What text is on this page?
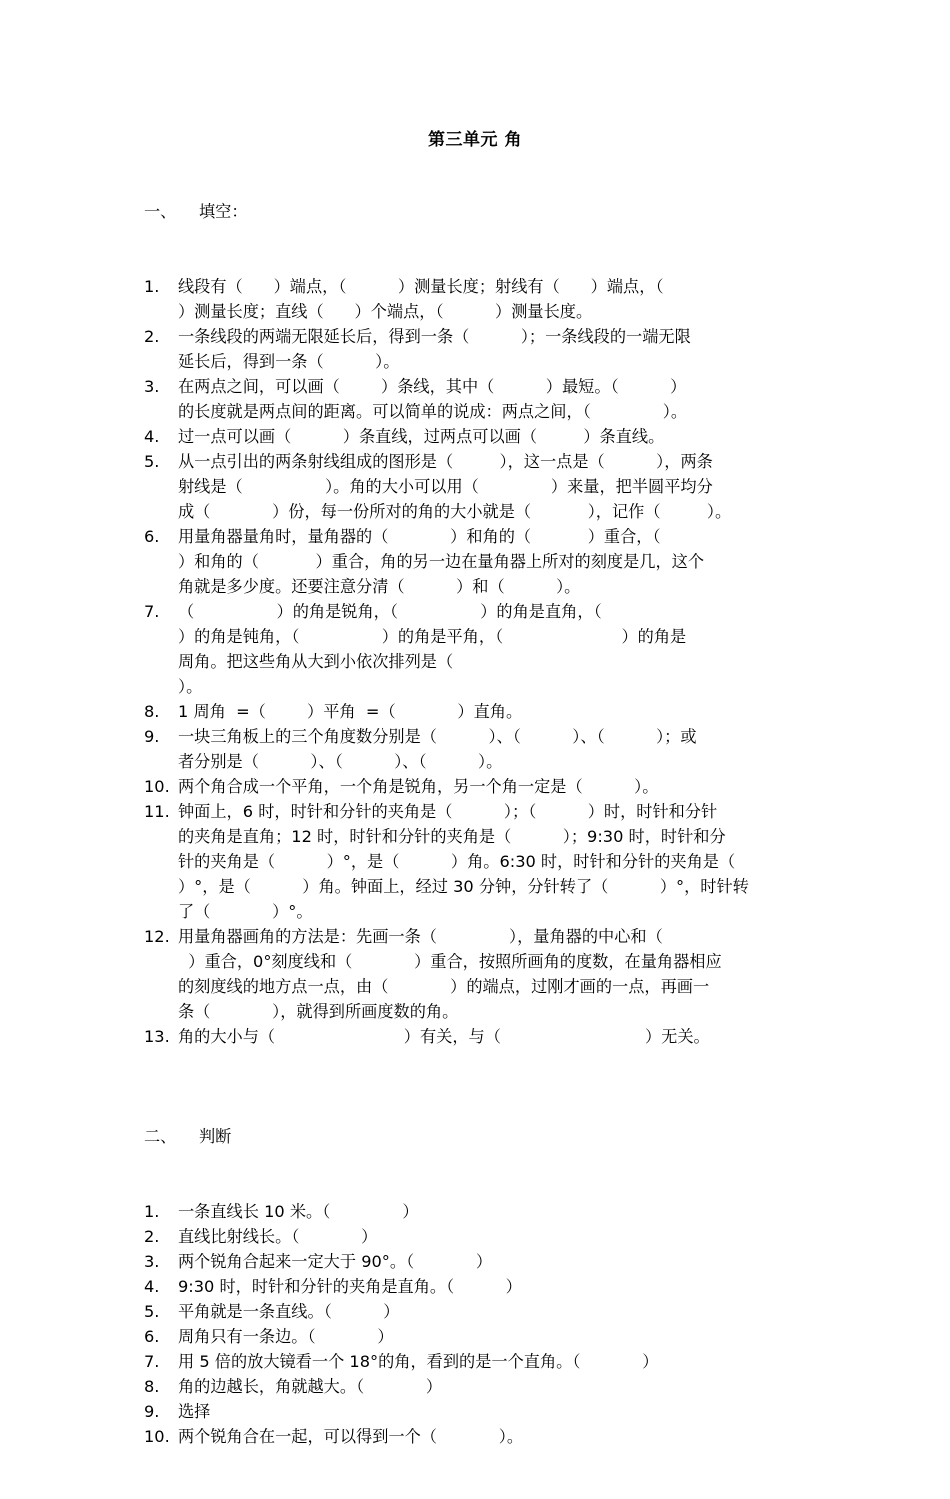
第三单元 角

一、	填空：

1.	线段有（      ）端点，（          ）测量长度；射线有（      ）端点，（
）测量长度；直线（      ）个端点，（          ）测量长度。
2.	一条线段的两端无限延长后，得到一条（          ）；一条线段的一端无限
延长后，得到一条（          ）。
3.	在两点之间，可以画（        ）条线，其中（          ）最短。（          ）
的长度就是两点间的距离。可以简单的说成：两点之间，（              ）。
4.	过一点可以画（          ）条直线，过两点可以画（         ）条直线。
5.	从一点引出的两条射线组成的图形是（         ），这一点是（          ），两条
射线是（                ）。角的大小可以用（              ）来量，把半圆平均分
成（            ）份，每一份所对的角的大小就是（           ），记作（         ）。
6.	用量角器量角时，量角器的（            ）和角的（           ）重合，（
）和角的（           ）重合，角的另一边在量角器上所对的刻度是几，这个
角就是多少度。还要注意分清（          ）和（          ）。
7.	（                ）的角是锐角，（                ）的角是直角，（
）的角是钝角，（                ）的角是平角，（                       ）的角是
周角。把这些角从大到小依次排列是（
）。
8.	1 周角  =（        ）平角  =（            ）直角。
9.	一块三角板上的三个角度数分别是（          ）、（          ）、（          ）；或
者分别是（          ）、（          ）、（          ）。
10. 两个角合成一个平角，一个角是锐角，另一个角一定是（          ）。
11. 钟面上，6 时，时针和分针的夹角是（          ）；（          ）时，时针和分针
的夹角是直角；12 时，时针和分针的夹角是（          ）；9:30 时，时针和分
针的夹角是（          ）°，是（          ）角。6:30 时，时针和分针的夹角是（
）°，是（          ）角。钟面上，经过 30 分钟，分针转了（          ）°，时针转
了（            ）°。
12. 用量角器画角的方法是：先画一条（              ），量角器的中心和（
）重合，0°刻度线和（            ）重合，按照所画角的度数，在量角器相应
的刻度线的地方点一点，由（            ）的端点，过刚才画的一点，再画一
条（            ），就得到所画度数的角。
13. 角的大小与（                         ）有关，与（                            ）无关。

二、	判断

1.	一条直线长 10 米。（              ）
2.	直线比射线长。（            ）
3.	两个锐角合起来一定大于 90°。（            ）
4.	9:30 时，时针和分针的夹角是直角。（          ）
5.	平角就是一条直线。（          ）
6.	周角只有一条边。（            ）
7.	用 5 倍的放大镜看一个 18°的角，看到的是一个直角。（            ）
8.	角的边越长，角就越大。（            ）
9.	选择
10. 两个锐角合在一起，可以得到一个（            ）。
